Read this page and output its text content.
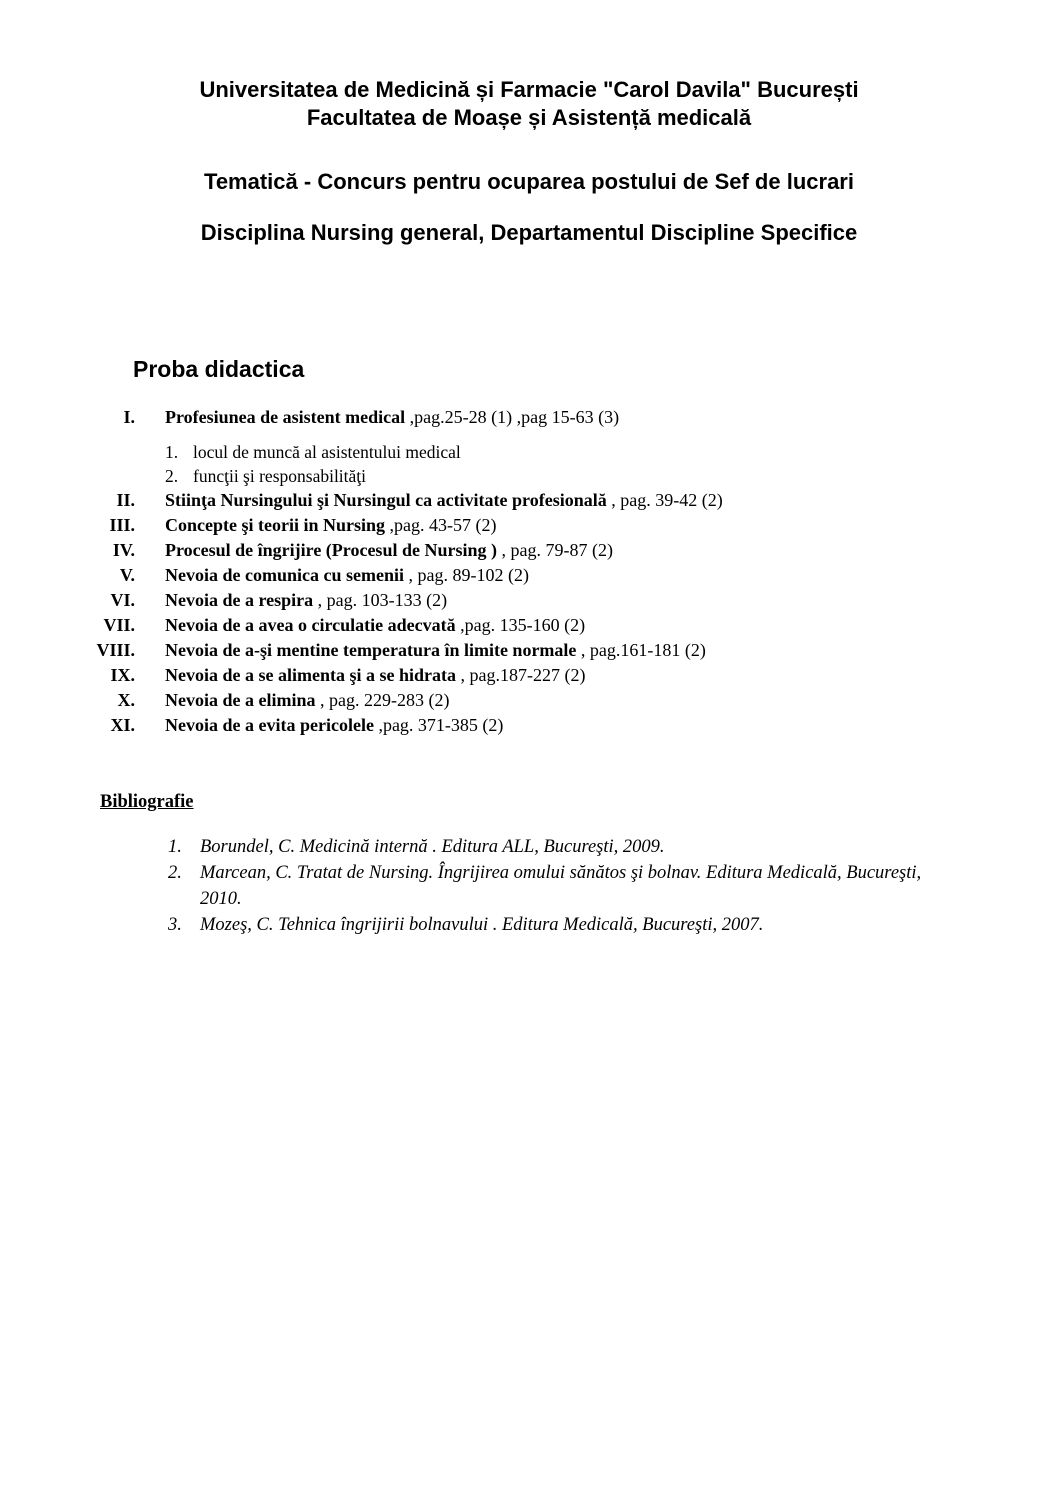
Universitatea de Medicină și Farmacie "Carol Davila" București
Facultatea de Moașe și Asistență medicală
Tematică - Concurs pentru ocuparea postului de Sef de lucrari
Disciplina Nursing general, Departamentul Discipline Specifice
Proba didactica
I. Profesiunea de asistent medical ,pag.25-28 (1) ,pag 15-63 (3)
1. locul de muncă al asistentului medical
2. funcţii şi responsabilităţi
II. Stiinţa Nursingului şi Nursingul ca activitate profesională , pag. 39-42 (2)
III. Concepte şi teorii in Nursing ,pag. 43-57 (2)
IV. Procesul de îngrijire (Procesul de Nursing ) , pag. 79-87 (2)
V. Nevoia de comunica cu semenii , pag. 89-102 (2)
VI. Nevoia de a respira , pag. 103-133 (2)
VII. Nevoia de a avea o circulatie adecvată ,pag. 135-160 (2)
VIII. Nevoia de a-şi mentine temperatura în limite normale , pag.161-181 (2)
IX. Nevoia de a se alimenta şi a se hidrata , pag.187-227 (2)
X. Nevoia de a elimina , pag. 229-283 (2)
XI. Nevoia de a evita pericolele ,pag. 371-385 (2)
Bibliografie
1. Borundel, C. Medicină internă . Editura ALL, Bucureşti, 2009.
2. Marcean, C. Tratat de Nursing. Îngrijirea omului sănătos şi bolnav. Editura Medicală, Bucureşti, 2010.
3. Mozeş, C. Tehnica îngrijirii bolnavului . Editura Medicală, Bucureşti, 2007.
